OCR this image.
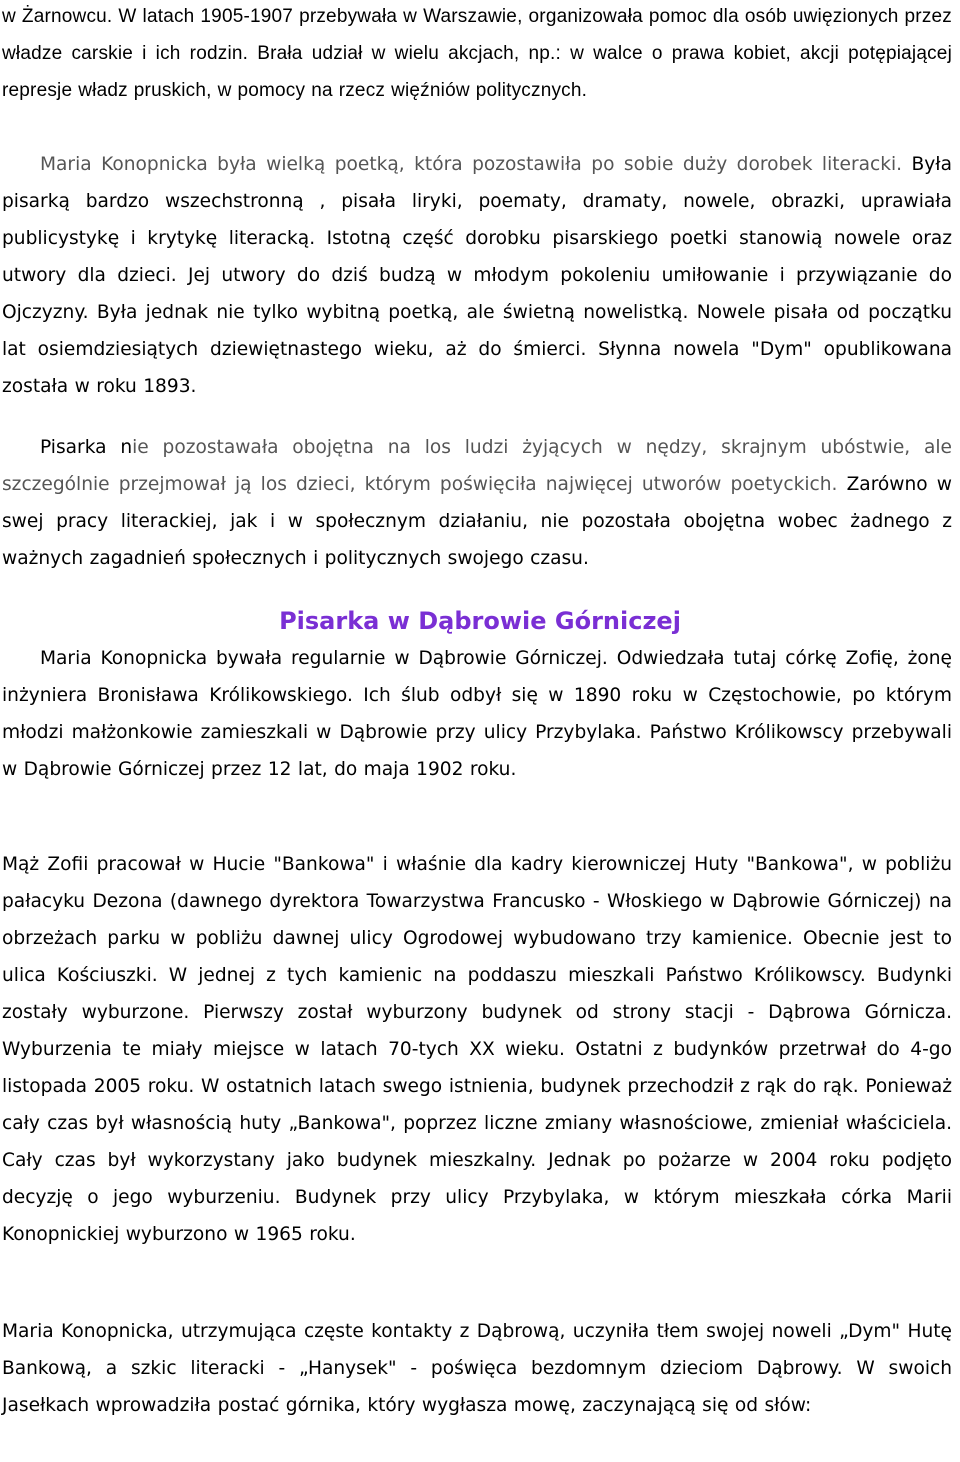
w Żarnowcu. W latach 1905-1907 przebywała w Warszawie, organizowała pomoc dla osób uwięzionych przez władze carskie i ich rodzin. Brała udział w wielu akcjach, np.: w walce o prawa kobiet, akcji potępiającej represje władz pruskich, w pomocy na rzecz więźniów politycznych.

Maria Konopnicka była wielką poetką, która pozostawiła po sobie duży dorobek literacki. Była pisarką bardzo wszechstronną , pisała liryki, poematy, dramaty, nowele, obrazki, uprawiała publicystykę i krytykę literacką. Istotną część dorobku pisarskiego poetki stanowią nowele oraz utwory dla dzieci. Jej utwory do dziś budzą w młodym pokoleniu umiłowanie i przywiązanie do Ojczyzny. Była jednak nie tylko wybitną poetką, ale świetną nowelistką. Nowele pisała od początku lat osiemdziesiątych dziewiętnastego wieku, aż do śmierci. Słynna nowela "Dym" opublikowana została w roku 1893.

Pisarka nie pozostawała obojętna na los ludzi żyjących w nędzy, skrajnym ubóstwie, ale szczególnie przejmował ją los dzieci, którym poświęciła najwięcej utworów poetyckich. Zarówno w swej pracy literackiej, jak i w społecznym działaniu, nie pozostała obojętna wobec żadnego z ważnych zagadnień społecznych i politycznych swojego czasu.

Pisarka w Dąbrowie Górniczej

Maria Konopnicka bywała regularnie w Dąbrowie Górniczej. Odwiedzała tutaj córkę Zofię, żonę inżyniera Bronisława Królikowskiego. Ich ślub odbył się w 1890 roku w Częstochowie, po którym młodzi małżonkowie zamieszkali w Dąbrowie przy ulicy Przybylaka. Państwo Królikowscy przebywali w Dąbrowie Górniczej przez 12 lat, do maja 1902 roku.

Mąż Zofii pracował w Hucie "Bankowa" i właśnie dla kadry kierowniczej Huty "Bankowa", w pobliżu pałacyku Dezona (dawnego dyrektora Towarzystwa Francusko - Włoskiego w Dąbrowie Górniczej) na obrzeżach parku w pobliżu dawnej ulicy Ogrodowej wybudowano trzy kamienice. Obecnie jest to ulica Kościuszki. W jednej z tych kamienic na poddaszu mieszkali Państwo Królikowscy. Budynki zostały wyburzone. Pierwszy został wyburzony budynek od strony stacji - Dąbrowa Górnicza. Wyburzenia te miały miejsce w latach 70-tych XX wieku. Ostatni z budynków przetrwał do 4-go listopada 2005 roku. W ostatnich latach swego istnienia, budynek przechodził z rąk do rąk. Ponieważ cały czas był własnością huty „Bankowa", poprzez liczne zmiany własnościowe, zmieniał właściciela. Cały czas był wykorzystany jako budynek mieszkalny. Jednak po pożarze w 2004 roku podjęto decyzję o jego wyburzeniu. Budynek przy ulicy Przybylaka, w którym mieszkała córka Marii Konopnickiej wyburzono w 1965 roku.

Maria Konopnicka, utrzymująca częste kontakty z Dąbrową, uczyniła tłem swojej noweli „Dym" Hutę Bankową, a szkic literacki - „Hanysek" - poświęca bezdomnym dzieciom Dąbrowy. W swoich Jasełkach wprowadziła postać górnika, który wygłasza mowę, zaczynającą się od słów:
